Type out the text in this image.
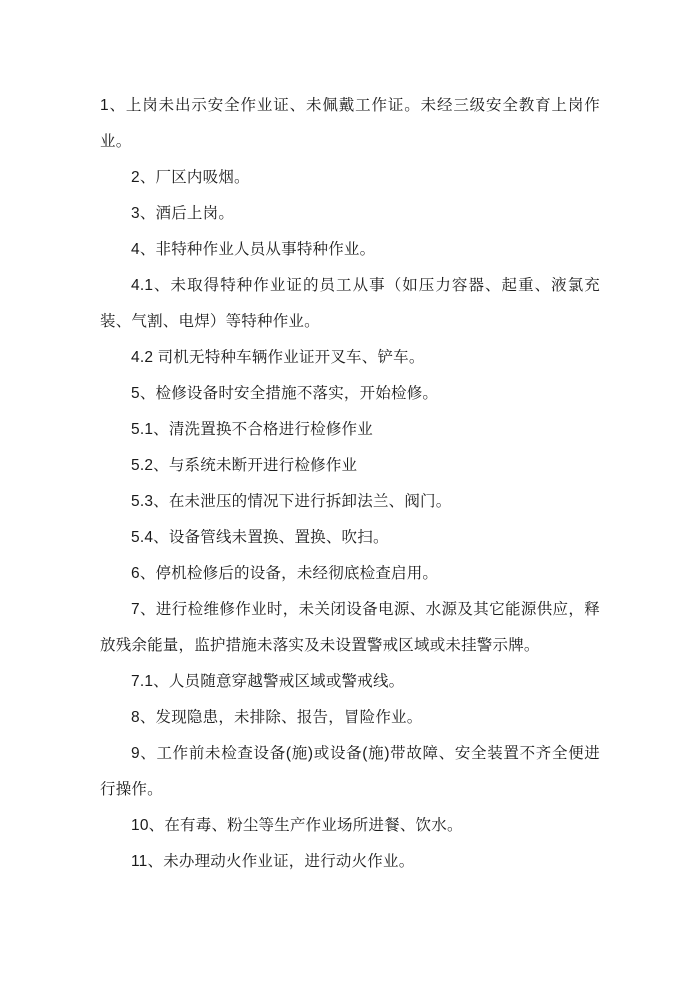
1、上岗未出示安全作业证、未佩戴工作证。未经三级安全教育上岗作业。

2、厂区内吸烟。

3、酒后上岗。

4、非特种作业人员从事特种作业。

4.1、未取得特种作业证的员工从事（如压力容器、起重、液氯充装、气割、电焊）等特种作业。

4.2 司机无特种车辆作业证开叉车、铲车。

5、检修设备时安全措施不落实，开始检修。

5.1、清洗置换不合格进行检修作业

5.2、与系统未断开进行检修作业

5.3、在未泄压的情况下进行拆卸法兰、阀门。

5.4、设备管线未置换、置换、吹扫。

6、停机检修后的设备，未经彻底检查启用。

7、进行检维修作业时，未关闭设备电源、水源及其它能源供应，释放残余能量，监护措施未落实及未设置警戒区域或未挂警示牌。

7.1、人员随意穿越警戒区域或警戒线。

8、发现隐患，未排除、报告，冒险作业。

9、工作前未检查设备(施)或设备(施)带故障、安全装置不齐全便进行操作。

10、在有毒、粉尘等生产作业场所进餐、饮水。

11、未办理动火作业证，进行动火作业。
